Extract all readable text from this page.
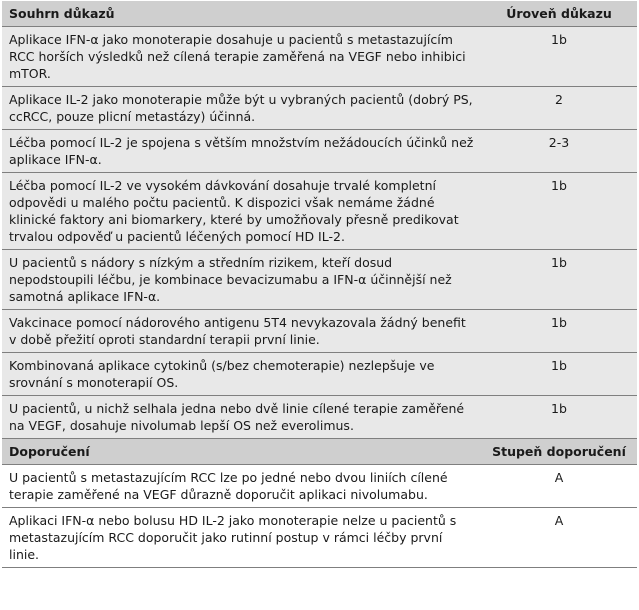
Souhrn důkazů	Úroveň důkazu
Aplikace IFN-α jako monoterapie dosahuje u pacientů s metastazujícím RCC horších výsledků než cílená terapie zaměřená na VEGF nebo inhibici mTOR.	1b
Aplikace IL-2 jako monoterapie může být u vybraných pacientů (dobrý PS, ccRCC, pouze plicní metastázy) účinná.	2
Léčba pomocí IL-2 je spojena s větším množstvím nežádoucích účinků než aplikace IFN-α.	2-3
Léčba pomocí IL-2 ve vysokém dávkování dosahuje trvalé kompletní odpovědi u malého počtu pacientů. K dispozici však nemáme žádné klinické faktory ani biomarkery, které by umožňovaly přesně predikovat trvalou odpověď u pacientů léčených pomocí HD IL-2.	1b
U pacientů s nádory s nízkým a středním rizikem, kteří dosud nepodstoupili léčbu, je kombinace bevacizumabu a IFN-α účinnější než samotná aplikace IFN-α.	1b
Vakcinace pomocí nádorového antigenu 5T4 nevykazovala žádný benefit v době přežití oproti standardní terapii první linie.	1b
Kombinovaná aplikace cytokinů (s/bez chemoterapie) nezlepšuje ve srovnání s monoterapií OS.	1b
U pacientů, u nichž selhala jedna nebo dvě linie cílené terapie zaměřené na VEGF, dosahuje nivolumab lepší OS než everolimus.	1b
Doporučení	Stupeň doporučení
U pacientů s metastazujícím RCC lze po jedné nebo dvou liniích cílené terapie zaměřené na VEGF důrazně doporučit aplikaci nivolumabu.	A
Aplikaci IFN-α nebo bolusu HD IL-2 jako monoterapie nelze u pacientů s metastazujícím RCC doporučit jako rutinní postup v rámci léčby první linie.	A
